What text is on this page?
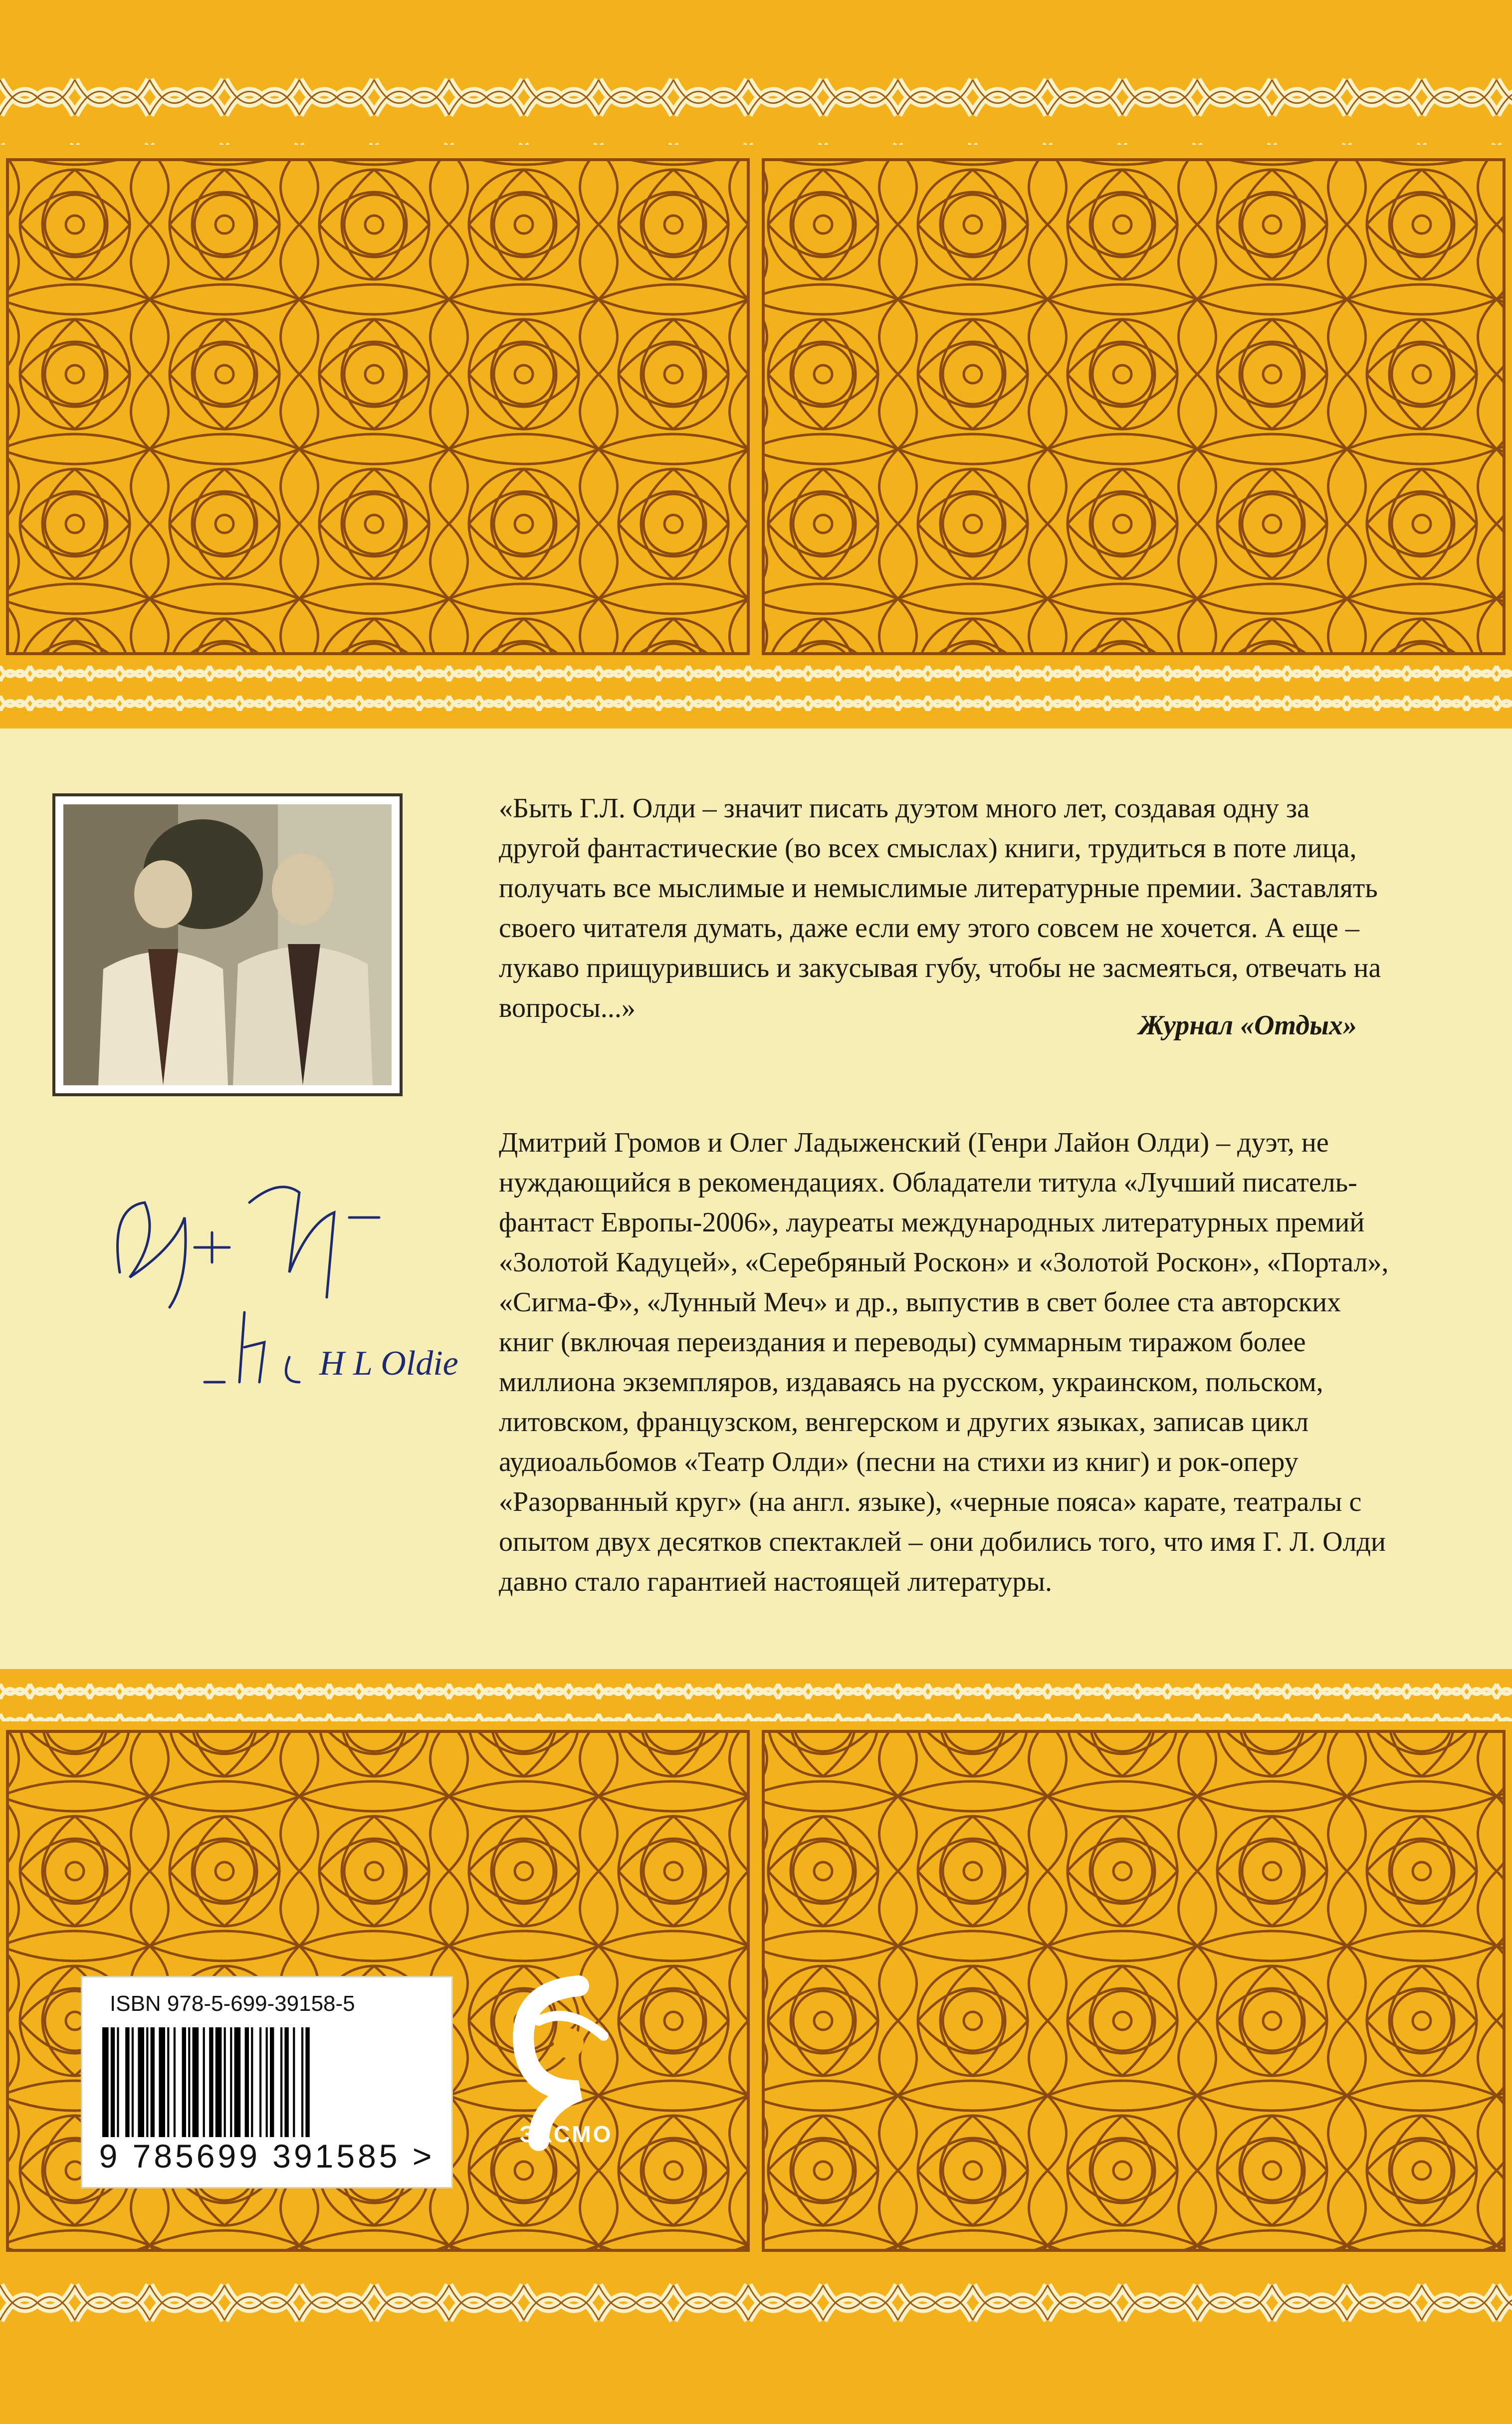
«Быть Г.Л. Олди – значит писать дуэтом много лет, создавая одну за другой фантастические (во всех смыслах) книги, трудиться в поте лица, получать все мыслимые и немыслимые литературные премии. Заставлять своего читателя думать, даже если ему этого совсем не хочется. А еще – лукаво прищурившись и закусывая губу, чтобы не засмеяться, отвечать на вопросы...»

Журнал «Отдых»

H L Oldie

Дмитрий Громов и Олег Ладыженский (Генри Лайон Олди) – дуэт, не нуждающийся в рекомендациях. Обладатели титула «Лучший писатель-фантаст Европы-2006», лауреаты международных литературных премий «Золотой Кадуцей», «Серебряный Роскон» и «Золотой Роскон», «Портал», «Сигма-Ф», «Лунный Меч» и др., выпустив в свет более ста авторских книг (включая переиздания и переводы) суммарным тиражом более миллиона экземпляров, издаваясь на русском, украинском, польском, литовском, французском, венгерском и других языках, записав цикл аудиоальбомов «Театр Олди» (песни на стихи из книг) и рок-оперу «Разорванный круг» (на англ. языке), «черные пояса» карате, театралы с опытом двух десятков спектаклей – они добились того, что имя Г. Л. Олди давно стало гарантией настоящей литературы.

ISBN 978-5-699-39158-5

9 785699 391585 >

ЭКСМО
